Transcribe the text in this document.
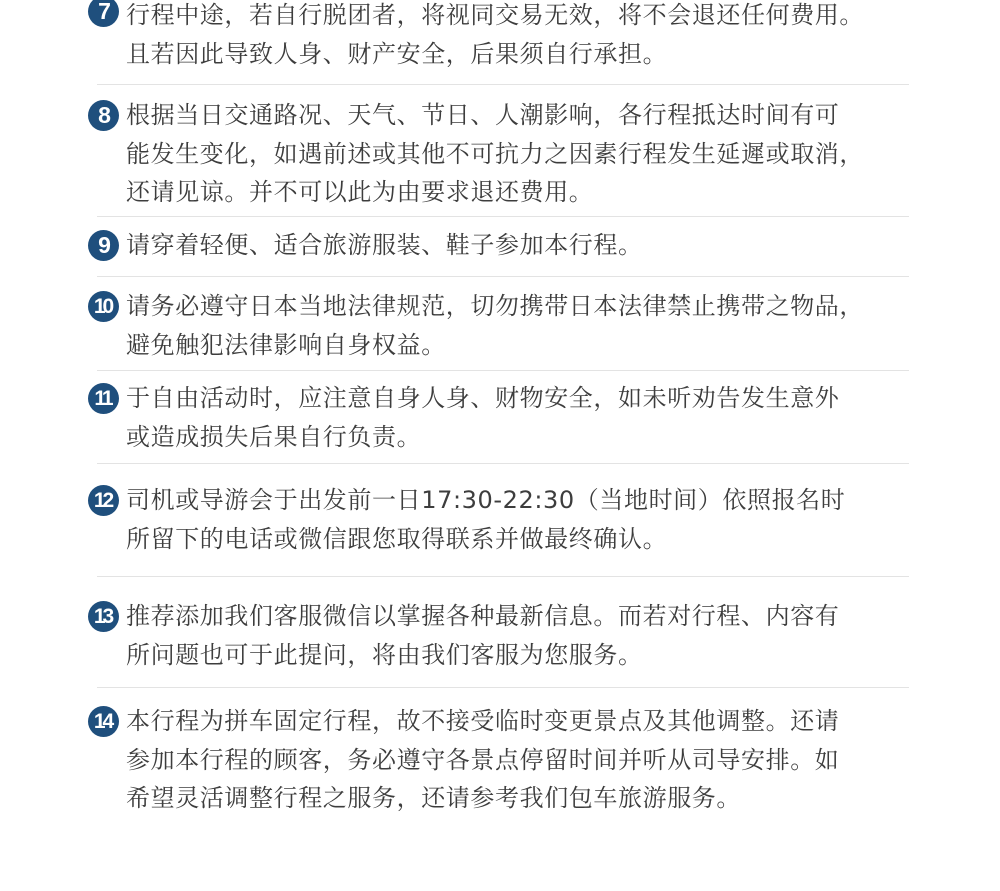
7 行程中途，若自行脱团者，将视同交易无效，将不会退还任何费用。
且若因此导致人身、财产安全，后果须自行承担。
8 根据当日交通路况、天气、节日、人潮影响，各行程抵达时间有可
能发生变化，如遇前述或其他不可抗力之因素行程发生延遲或取消，
还请见谅。并不可以此为由要求退还费用。
9 请穿着轻便、适合旅游服装、鞋子参加本行程。
10 请务必遵守日本当地法律规范，切勿携带日本法律禁止携带之物品，
避免触犯法律影响自身权益。
11 于自由活动时，应注意自身人身、财物安全，如未听劝告发生意外
或造成损失后果自行负责。
12 司机或导游会于出发前一日17:30-22:30（当地时间）依照报名时
所留下的电话或微信跟您取得联系并做最终确认。
13 推荐添加我们客服微信以掌握各种最新信息。而若对行程、内容有
所问题也可于此提问，将由我们客服为您服务。
14 本行程为拼车固定行程，故不接受临时变更景点及其他调整。还请
参加本行程的顾客，务必遵守各景点停留时间并听从司导安排。如
希望灵活调整行程之服务，还请参考我们包车旅游服务。
